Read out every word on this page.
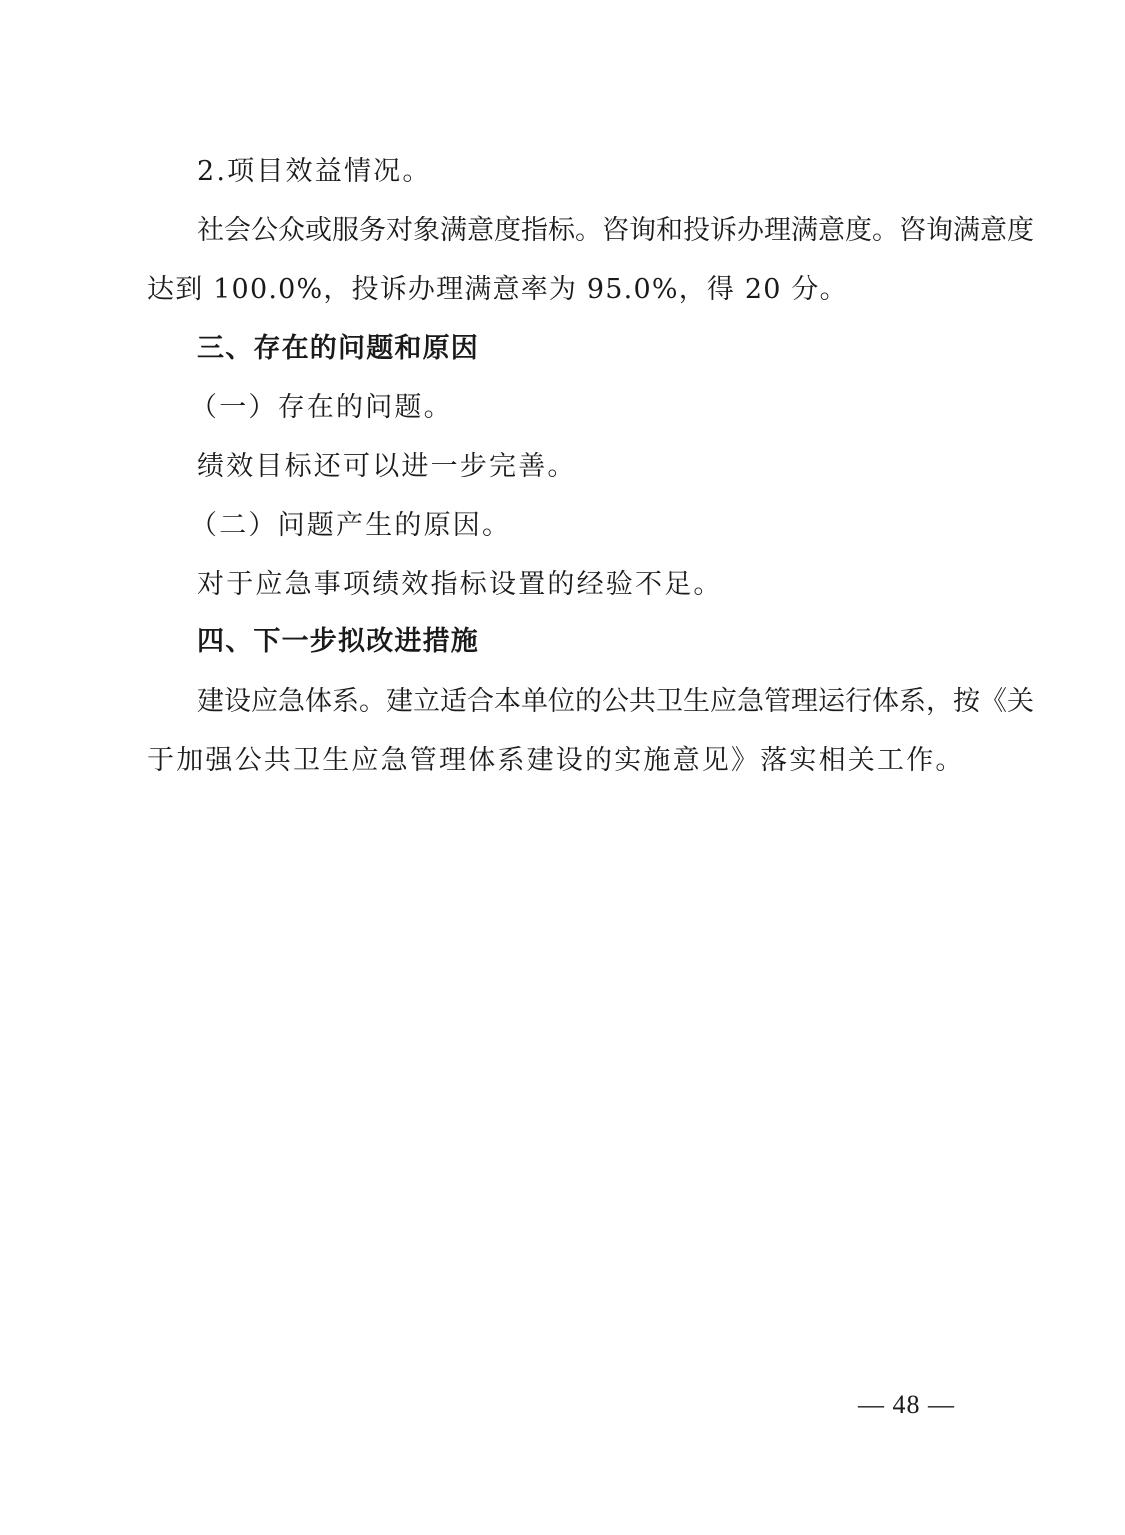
2.项目效益情况。
社会公众或服务对象满意度指标。咨询和投诉办理满意度。咨询满意度
达到 100.0%，投诉办理满意率为 95.0%，得 20 分。
三、存在的问题和原因
（一）存在的问题。
绩效目标还可以进一步完善。
（二）问题产生的原因。
对于应急事项绩效指标设置的经验不足。
四、下一步拟改进措施
建设应急体系。建立适合本单位的公共卫生应急管理运行体系，按《关
于加强公共卫生应急管理体系建设的实施意见》落实相关工作。
— 48 —
